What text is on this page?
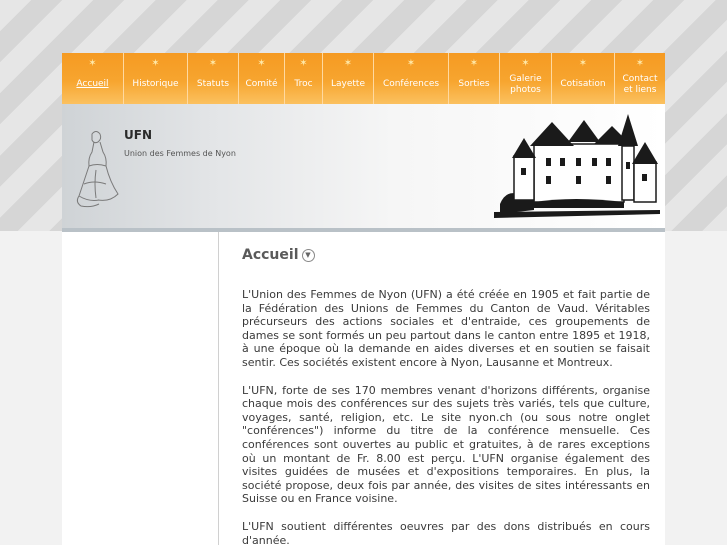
✶
Accueil
✶
Historique
✶
Statuts
✶
Comité
✶
Troc
✶
Layette
✶
Conférences
✶
Sorties
✶
Galerie photos
✶
Cotisation
✶
Contact et liens
UFN
Union des Femmes de Nyon
Accueil ▼

L'Union des Femmes de Nyon (UFN) a été créée en 1905 et fait partie de la Fédération des Unions de Femmes du Canton de Vaud. Véritables précurseurs des actions sociales et d'entraide, ces groupements de dames se sont formés un peu partout dans le canton entre 1895 et 1918, à une époque où la demande en aides diverses et en soutien se faisait sentir. Ces sociétés existent encore à Nyon, Lausanne et Montreux.

L'UFN, forte de ses 170 membres venant d'horizons différents, organise chaque mois des conférences sur des sujets très variés, tels que culture, voyages, santé, religion, etc. Le site nyon.ch (ou sous notre onglet "conférences") informe du titre de la conférence mensuelle. Ces conférences sont ouvertes au public et gratuites, à de rares exceptions où un montant de Fr. 8.00 est perçu. L'UFN organise également des visites guidées de musées et d'expositions temporaires. En plus, la société propose, deux fois par année, des visites de sites intéressants en Suisse ou en France voisine.

L'UFN soutient différentes oeuvres par des dons distribués en cours d'année.
